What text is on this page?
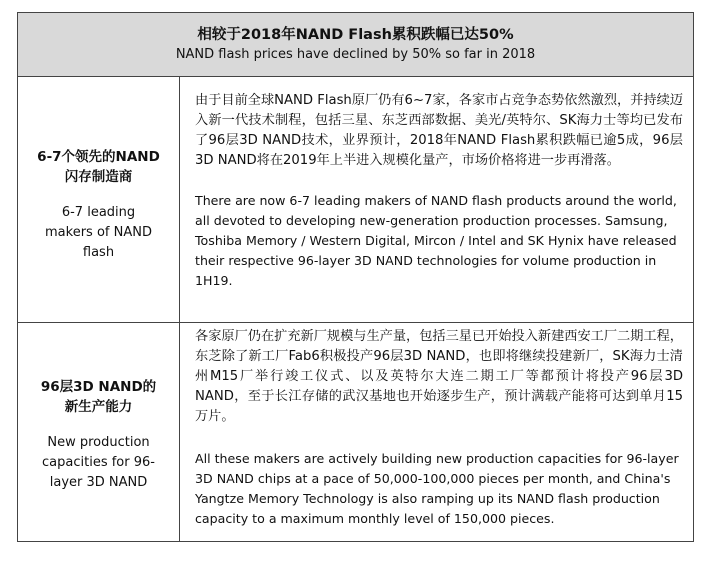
相较于2018年NAND Flash累积跌幅已达50%
NAND flash prices have declined by 50% so far in 2018
6-7个领先的NAND
闪存制造商
6-7 leading
makers of NAND
flash

由于目前全球NAND Flash原厂仍有6~7家，各家市占竞争态势依然激烈，并持续迈入新一代技术制程，包括三星、东芝西部数据、美光/英特尔、SK海力士等均已发布了96层3D NAND技术，业界预计，2018年NAND Flash累积跌幅已逾5成，96层3D NAND将在2019年上半进入规模化量产，市场价格将进一步再滑落。

There are now 6-7 leading makers of NAND flash products around the world, all devoted to developing new-generation production processes. Samsung, Toshiba Memory / Western Digital, Mircon / Intel and SK Hynix have released their respective 96-layer 3D NAND technologies for volume production in 1H19.

96层3D NAND的
新生产能力
New production
capacities for 96-
layer 3D NAND

各家原厂仍在扩充新厂规模与生产量，包括三星已开始投入新建西安工厂二期工程，东芝除了新工厂Fab6积极投产96层3D NAND，也即将继续投建新厂，SK海力士清州M15厂举行竣工仪式、以及英特尔大连二期工厂等都预计将投产96层3D NAND，至于长江存储的武汉基地也开始逐步生产，预计满载产能将可达到单月15万片。

All these makers are actively building new production capacities for 96-layer 3D NAND chips at a pace of 50,000-100,000 pieces per month, and China's Yangtze Memory Technology is also ramping up its NAND flash production capacity to a maximum monthly level of 150,000 pieces.
